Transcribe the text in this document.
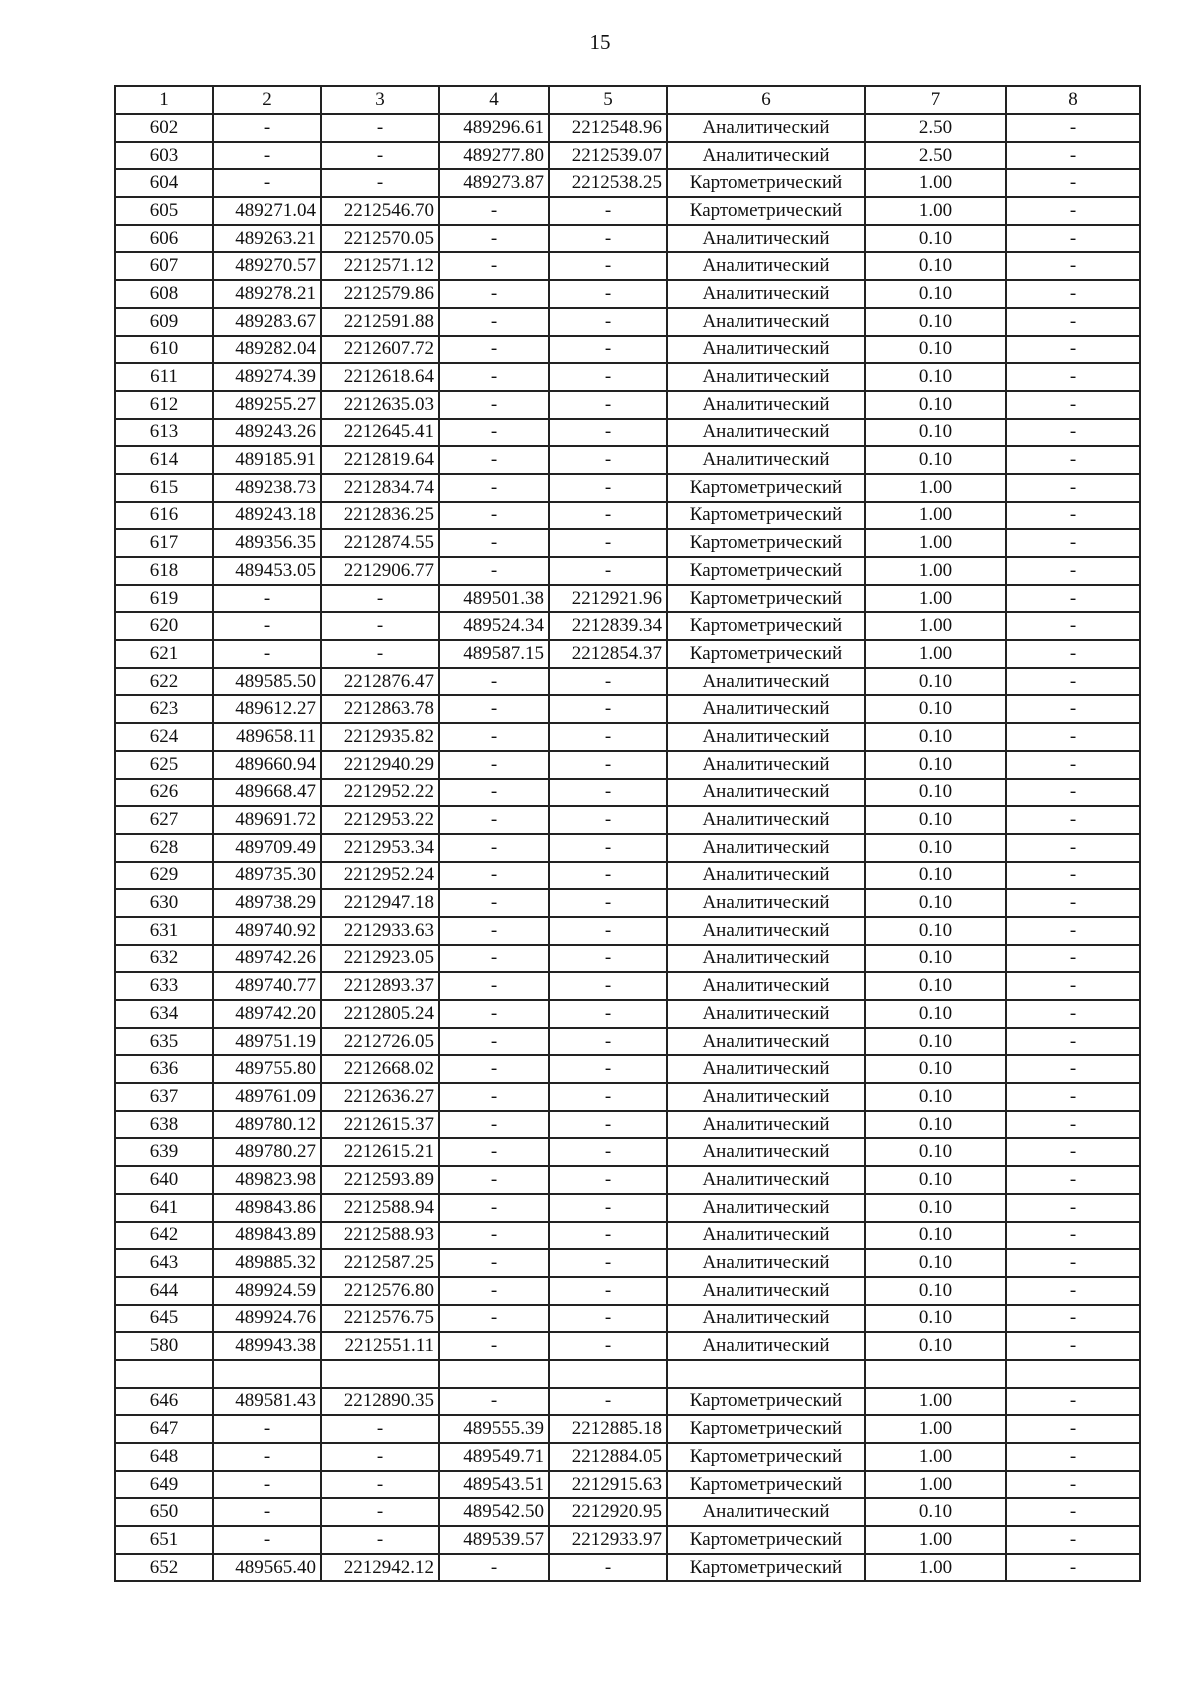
15
1	2	3	4	5	6	7	8
602	-	-	489296.61	2212548.96	Аналитический	2.50	-
603	-	-	489277.80	2212539.07	Аналитический	2.50	-
604	-	-	489273.87	2212538.25	Картометрический	1.00	-
605	489271.04	2212546.70	-	-	Картометрический	1.00	-
606	489263.21	2212570.05	-	-	Аналитический	0.10	-
607	489270.57	2212571.12	-	-	Аналитический	0.10	-
608	489278.21	2212579.86	-	-	Аналитический	0.10	-
609	489283.67	2212591.88	-	-	Аналитический	0.10	-
610	489282.04	2212607.72	-	-	Аналитический	0.10	-
611	489274.39	2212618.64	-	-	Аналитический	0.10	-
612	489255.27	2212635.03	-	-	Аналитический	0.10	-
613	489243.26	2212645.41	-	-	Аналитический	0.10	-
614	489185.91	2212819.64	-	-	Аналитический	0.10	-
615	489238.73	2212834.74	-	-	Картометрический	1.00	-
616	489243.18	2212836.25	-	-	Картометрический	1.00	-
617	489356.35	2212874.55	-	-	Картометрический	1.00	-
618	489453.05	2212906.77	-	-	Картометрический	1.00	-
619	-	-	489501.38	2212921.96	Картометрический	1.00	-
620	-	-	489524.34	2212839.34	Картометрический	1.00	-
621	-	-	489587.15	2212854.37	Картометрический	1.00	-
622	489585.50	2212876.47	-	-	Аналитический	0.10	-
623	489612.27	2212863.78	-	-	Аналитический	0.10	-
624	489658.11	2212935.82	-	-	Аналитический	0.10	-
625	489660.94	2212940.29	-	-	Аналитический	0.10	-
626	489668.47	2212952.22	-	-	Аналитический	0.10	-
627	489691.72	2212953.22	-	-	Аналитический	0.10	-
628	489709.49	2212953.34	-	-	Аналитический	0.10	-
629	489735.30	2212952.24	-	-	Аналитический	0.10	-
630	489738.29	2212947.18	-	-	Аналитический	0.10	-
631	489740.92	2212933.63	-	-	Аналитический	0.10	-
632	489742.26	2212923.05	-	-	Аналитический	0.10	-
633	489740.77	2212893.37	-	-	Аналитический	0.10	-
634	489742.20	2212805.24	-	-	Аналитический	0.10	-
635	489751.19	2212726.05	-	-	Аналитический	0.10	-
636	489755.80	2212668.02	-	-	Аналитический	0.10	-
637	489761.09	2212636.27	-	-	Аналитический	0.10	-
638	489780.12	2212615.37	-	-	Аналитический	0.10	-
639	489780.27	2212615.21	-	-	Аналитический	0.10	-
640	489823.98	2212593.89	-	-	Аналитический	0.10	-
641	489843.86	2212588.94	-	-	Аналитический	0.10	-
642	489843.89	2212588.93	-	-	Аналитический	0.10	-
643	489885.32	2212587.25	-	-	Аналитический	0.10	-
644	489924.59	2212576.80	-	-	Аналитический	0.10	-
645	489924.76	2212576.75	-	-	Аналитический	0.10	-
580	489943.38	2212551.11	-	-	Аналитический	0.10	-

646	489581.43	2212890.35	-	-	Картометрический	1.00	-
647	-	-	489555.39	2212885.18	Картометрический	1.00	-
648	-	-	489549.71	2212884.05	Картометрический	1.00	-
649	-	-	489543.51	2212915.63	Картометрический	1.00	-
650	-	-	489542.50	2212920.95	Аналитический	0.10	-
651	-	-	489539.57	2212933.97	Картометрический	1.00	-
652	489565.40	2212942.12	-	-	Картометрический	1.00	-
